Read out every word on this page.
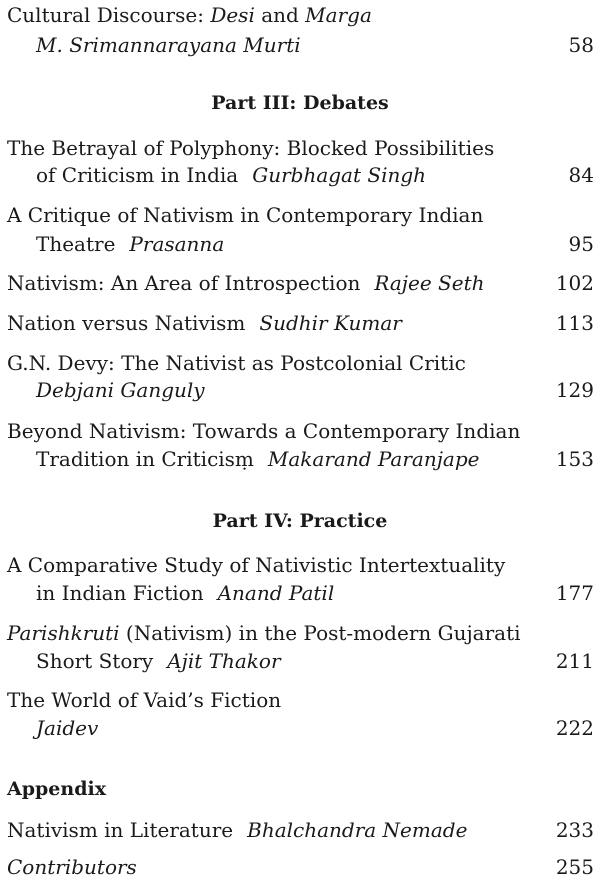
Cultural Discourse: Desi and Marga
M. Srimannarayana Murti	58
Part III: Debates
The Betrayal of Polyphony: Blocked Possibilities
of Criticism in India Gurbhagat Singh	84
A Critique of Nativism in Contemporary Indian
Theatre Prasanna	95
Nativism: An Area of Introspection Rajee Seth	102
Nation versus Nativism Sudhir Kumar	113
G.N. Devy: The Nativist as Postcolonial Critic
Debjani Ganguly	129
Beyond Nativism: Towards a Contemporary Indian
Tradition in Criticisṃ Makarand Paranjape	153
Part IV: Practice
A Comparative Study of Nativistic Intertextuality
in Indian Fiction Anand Patil	177
Parishkruti (Nativism) in the Post-modern Gujarati
Short Story Ajit Thakor	211
The World of Vaid’s Fiction
Jaidev	222
Appendix
Nativism in Literature Bhalchandra Nemade	233
Contributors	255
